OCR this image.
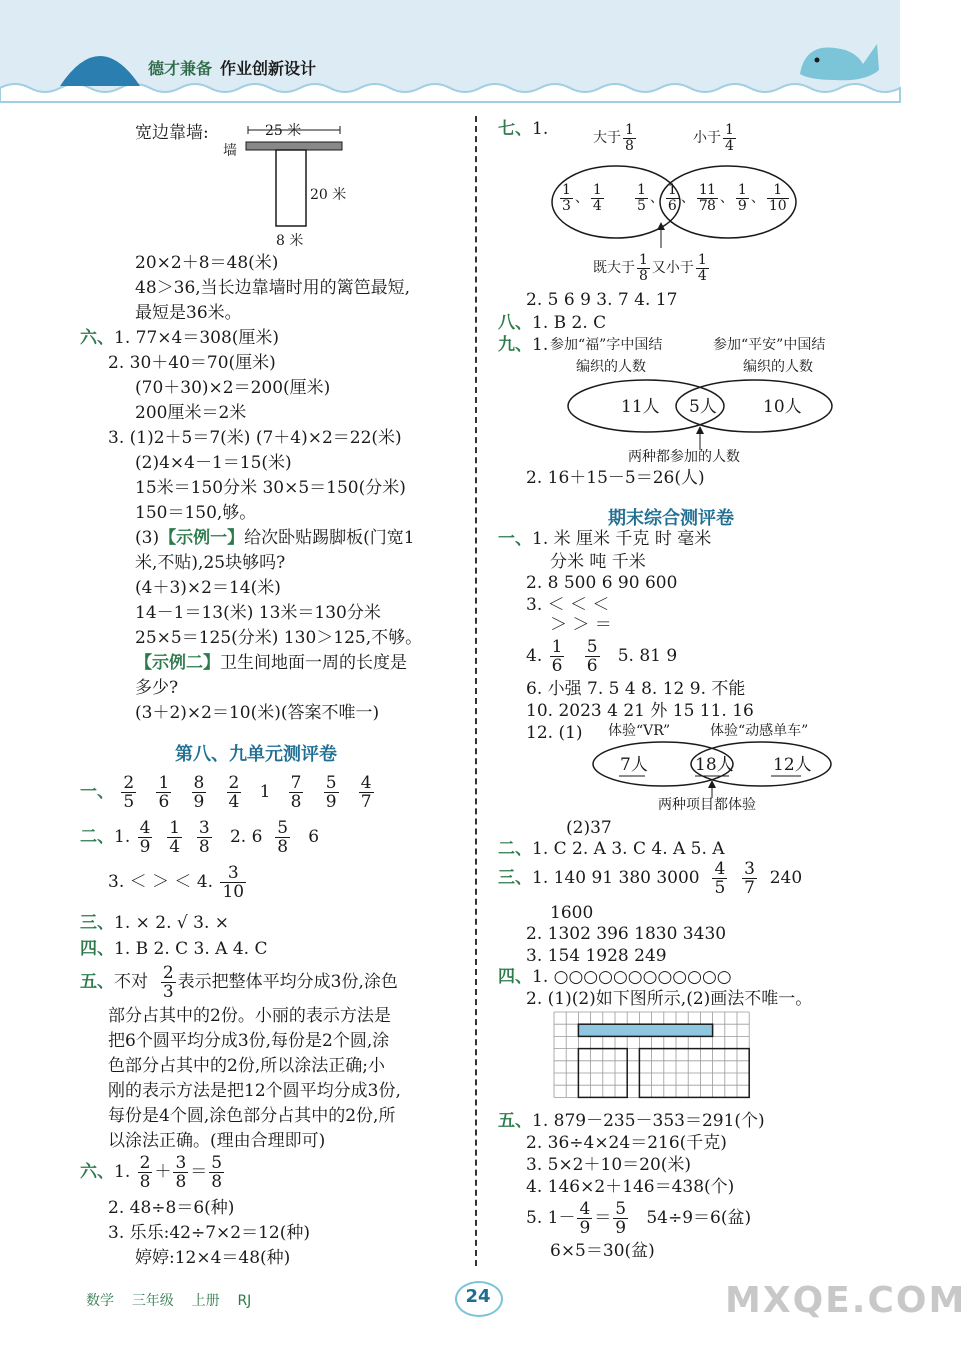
德才兼备 作业创新设计
宽边靠墙:	25 米
墙
20 米
8 米
20×2＋8＝48(米)
48＞36,当长边靠墙时用的篱笆最短,
最短是36米。
六、1. 77×4＝308(厘米)
2. 30＋40＝70(厘米)
(70＋30)×2＝200(厘米)
200厘米＝2米
3. (1)2＋5＝7(米) (7＋4)×2＝22(米)
(2)4×4－1＝15(米)
15米＝150分米 30×5＝150(分米)
150＝150,够。
(3)【示例一】给次卧贴踢脚板(门宽1
米,不贴),25块够吗?
(4＋3)×2＝14(米)
14－1＝13(米) 13米＝130分米
25×5＝125(分米) 130＞125,不够。
【示例二】卫生间地面一周的长度是
多少?
(3＋2)×2＝10(米)(答案不唯一)
第八、九单元测评卷
一、 $\frac{2}{5}$
$\frac{1}{6}$
$\frac{8}{9}$
$\frac{2}{4} 1 \frac{7}{8}$
$\frac{5}{9}$
$\frac{4}{7}$
二、1. $\frac{4}{9}$
$\frac{1}{4}$
$\frac{3}{8} 2$. $6 \frac{5}{8} 6$
3. ＜ ＞ ＜ 4. $\frac{3}{10}$
三、1. × 2. √ 3. ×
四、1. B 2. C 3. A 4. C
五、不对 $\frac{2}{3}$ 表示把整体平均分成3份,涂色
部分占其中的2份。小丽的表示方法是
把6个圆平均分成3份,每份是2个圆,涂
色部分占其中的2份,所以涂法正确;小
刚的表示方法是把12个圆平均分成3份,
每份是4个圆,涂色部分占其中的2份,所
以涂法正确。(理由合理即可)
六、1. $\frac{2}{8} + \frac{3}{8} = \frac{5}{8}$
2. 48÷8＝6(种)
3. 乐乐:42÷7×2＝12(种)
婷婷:12×4＝48(种)
七、1.	大于 $\frac{1}{8}$	小于 $\frac{1}{4}$
$\frac{1}{3}$ 、 $\frac{1}{4} \frac{1}{5}$ 、 $\frac{1}{6}$ 、 $\frac{1}{7}$
$\frac{1}{8}$ 、 $\frac{1}{9}$ 、 $\frac{1}{10}$
既大于 $\frac{1}{8}$ 又小于 $\frac{1}{4}$
2. 5 6 9 3. 7 4. 17
八、1. B 2. C
九、1. 参加“福”字中国结	参加“平安”中国结
编织的人数	编织的人数
11人 5人	10人
两种都参加的人数
2. 16＋15－5＝26(人)
期末综合测评卷
一、1. 米 厘米 千克 时 毫米
分米 吨 千米
2. 8 500 6 90 600
3. ＜ ＜ ＜
＞ ＞ ＝
4. $\frac{1}{6}$
$\frac{5}{6} 5$. 81 9
6. 小强 7. 5 4 8. 12 9. 不能
10. 2023 4 21 外 15 11. 16
12. (1) 体验“VR”	体验“动感单车”
7人	18人 12人
两种项目都体验
(2)37
二、1. C 2. A 3. C 4. A 5. A
三、1. 140 91 380 $3000 \frac{4}{5}$
$\frac{3}{7} 240$
1600
2. 1302 396 1830 3430
3. 154 1928 249
四、1. ○○○○○○○○○○○○
2. (1)(2)如下图所示,(2)画法不唯一。
五、1. 879－235－353＝291(个)
2. 36÷4×24＝216(千克)
3. 5×2＋10＝20(米)
4. 146×2＋146＝438(个)
5. $1- \frac{4}{9} = \frac{5}{9} 54\div 9=6$(盆)
6×5＝30(盆)
数学 三年级 上册 RJ	24	MXQE.COM
